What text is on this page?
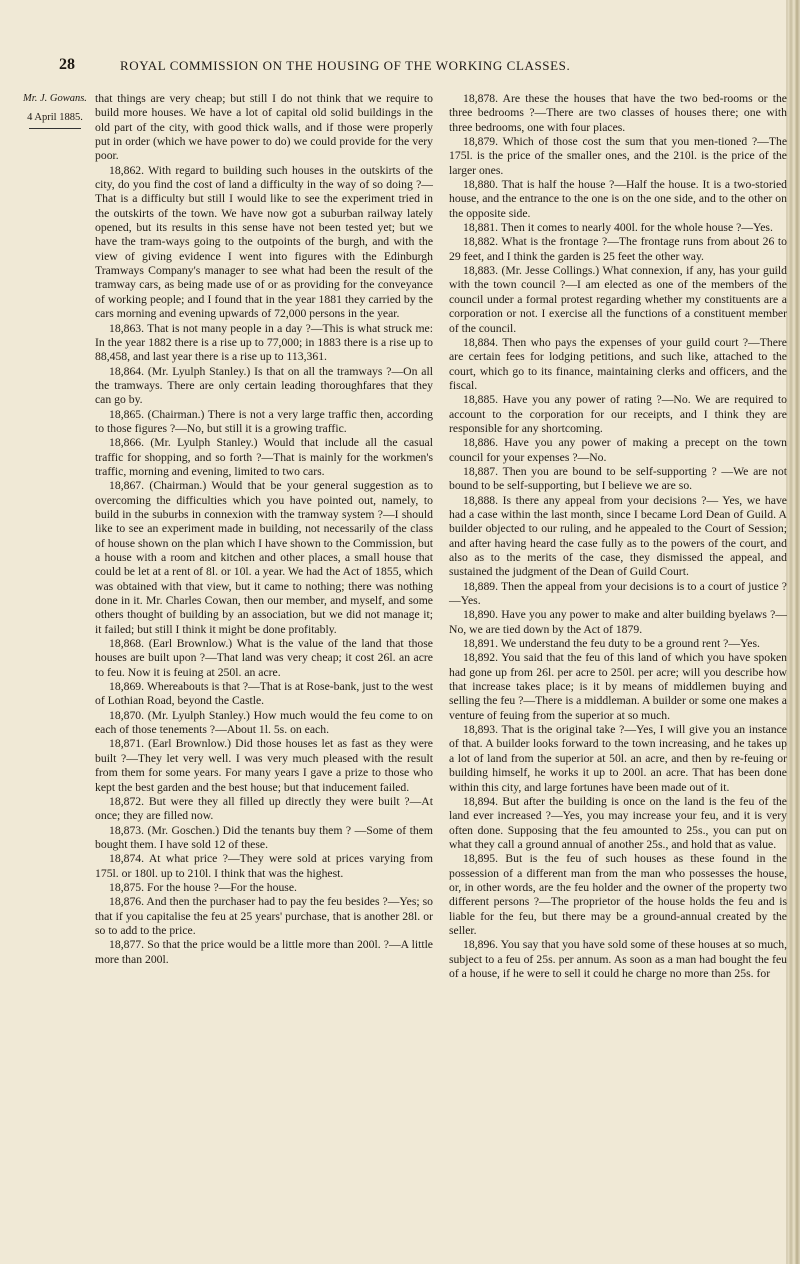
28	ROYAL COMMISSION ON THE HOUSING OF THE WORKING CLASSES.
Mr. J. Gowans.
4 April 1885.

that things are very cheap; but still I do not think that we require to build more houses. We have a lot of capital old solid buildings in the old part of the city, with good thick walls, and if those were properly put in order (which we have power to do) we could provide for the very poor.

18,862. With regard to building such houses in the outskirts of the city, do you find the cost of land a difficulty in the way of so doing ?—That is a difficulty but still I would like to see the experiment tried in the outskirts of the town. We have now got a suburban railway lately opened, but its results in this sense have not been tested yet; but we have the tram-ways going to the outpoints of the burgh, and with the view of giving evidence I went into figures with the Edinburgh Tramways Company's manager to see what had been the result of the tramway cars, as being made use of or as providing for the conveyance of working people; and I found that in the year 1881 they carried by the cars morning and evening upwards of 72,000 persons in the year.

18,863. That is not many people in a day ?—This is what struck me: In the year 1882 there is a rise up to 77,000; in 1883 there is a rise up to 88,458, and last year there is a rise up to 113,361.

18,864. (Mr. Lyulph Stanley.) Is that on all the tramways ?—On all the tramways. There are only certain leading thoroughfares that they can go by.

18,865. (Chairman.) There is not a very large traffic then, according to those figures ?—No, but still it is a growing traffic.

18,866. (Mr. Lyulph Stanley.) Would that include all the casual traffic for shopping, and so forth ?—That is mainly for the workmen's traffic, morning and evening, limited to two cars.

18,867. (Chairman.) Would that be your general suggestion as to overcoming the difficulties which you have pointed out, namely, to build in the suburbs in connexion with the tramway system ?—I should like to see an experiment made in building, not necessarily of the class of house shown on the plan which I have shown to the Commission, but a house with a room and kitchen and other places, a small house that could be let at a rent of 8l. or 10l. a year. We had the Act of 1855, which was obtained with that view, but it came to nothing; there was nothing done in it. Mr. Charles Cowan, then our member, and myself, and some others thought of building by an association, but we did not manage it; it failed; but still I think it might be done profitably.

18,868. (Earl Brownlow.) What is the value of the land that those houses are built upon ?—That land was very cheap; it cost 26l. an acre to feu. Now it is feuing at 250l. an acre.

18,869. Whereabouts is that ?—That is at Rose-bank, just to the west of Lothian Road, beyond the Castle.

18,870. (Mr. Lyulph Stanley.) How much would the feu come to on each of those tenements ?—About 1l. 5s. on each.

18,871. (Earl Brownlow.) Did those houses let as fast as they were built ?—They let very well. I was very much pleased with the result from them for some years. For many years I gave a prize to those who kept the best garden and the best house; but that inducement failed.

18,872. But were they all filled up directly they were built ?—At once; they are filled now.

18,873. (Mr. Goschen.) Did the tenants buy them ? —Some of them bought them. I have sold 12 of these.

18,874. At what price ?—They were sold at prices varying from 175l. or 180l. up to 210l. I think that was the highest.

18,875. For the house ?—For the house.

18,876. And then the purchaser had to pay the feu besides ?—Yes; so that if you capitalise the feu at 25 years' purchase, that is another 28l. or so to add to the price.

18,877. So that the price would be a little more than 200l. ?—A little more than 200l.

18,878. Are these the houses that have the two bed-rooms or the three bedrooms ?—There are two classes of houses there; one with three bedrooms, one with four places.

18,879. Which of those cost the sum that you men-tioned ?—The 175l. is the price of the smaller ones, and the 210l. is the price of the larger ones.

18,880. That is half the house ?—Half the house. It is a two-storied house, and the entrance to the one is on the one side, and to the other on the opposite side.

18,881. Then it comes to nearly 400l. for the whole house ?—Yes.

18,882. What is the frontage ?—The frontage runs from about 26 to 29 feet, and I think the garden is 25 feet the other way.

18,883. (Mr. Jesse Collings.) What connexion, if any, has your guild with the town council ?—I am elected as one of the members of the council under a formal protest regarding whether my constituents are a corporation or not. I exercise all the functions of a constituent member of the council.

18,884. Then who pays the expenses of your guild court ?—There are certain fees for lodging petitions, and such like, attached to the court, which go to its finance, maintaining clerks and officers, and the fiscal.

18,885. Have you any power of rating ?—No. We are required to account to the corporation for our receipts, and I think they are responsible for any shortcoming.

18,886. Have you any power of making a precept on the town council for your expenses ?—No.

18,887. Then you are bound to be self-supporting ? —We are not bound to be self-supporting, but I believe we are so.

18,888. Is there any appeal from your decisions ?— Yes, we have had a case within the last month, since I became Lord Dean of Guild. A builder objected to our ruling, and he appealed to the Court of Session; and after having heard the case fully as to the powers of the court, and also as to the merits of the case, they dismissed the appeal, and sustained the judgment of the Dean of Guild Court.

18,889. Then the appeal from your decisions is to a court of justice ?—Yes.

18,890. Have you any power to make and alter building byelaws ?—No, we are tied down by the Act of 1879.

18,891. We understand the feu duty to be a ground rent ?—Yes.

18,892. You said that the feu of this land of which you have spoken had gone up from 26l. per acre to 250l. per acre; will you describe how that increase takes place; is it by means of middlemen buying and selling the feu ?—There is a middleman. A builder or some one makes a venture of feuing from the superior at so much.

18,893. That is the original take ?—Yes, I will give you an instance of that. A builder looks forward to the town increasing, and he takes up a lot of land from the superior at 50l. an acre, and then by re-feuing or building himself, he works it up to 200l. an acre. That has been done within this city, and large fortunes have been made out of it.

18,894. But after the building is once on the land is the feu of the land ever increased ?—Yes, you may increase your feu, and it is very often done. Supposing that the feu amounted to 25s., you can put on what they call a ground annual of another 25s., and hold that as value.

18,895. But is the feu of such houses as these found in the possession of a different man from the man who possesses the house, or, in other words, are the feu holder and the owner of the property two different persons ?—The proprietor of the house holds the feu and is liable for the feu, but there may be a ground-annual created by the seller.

18,896. You say that you have sold some of these houses at so much, subject to a feu of 25s. per annum. As soon as a man had bought the feu of a house, if he were to sell it could he charge no more than 25s. for
